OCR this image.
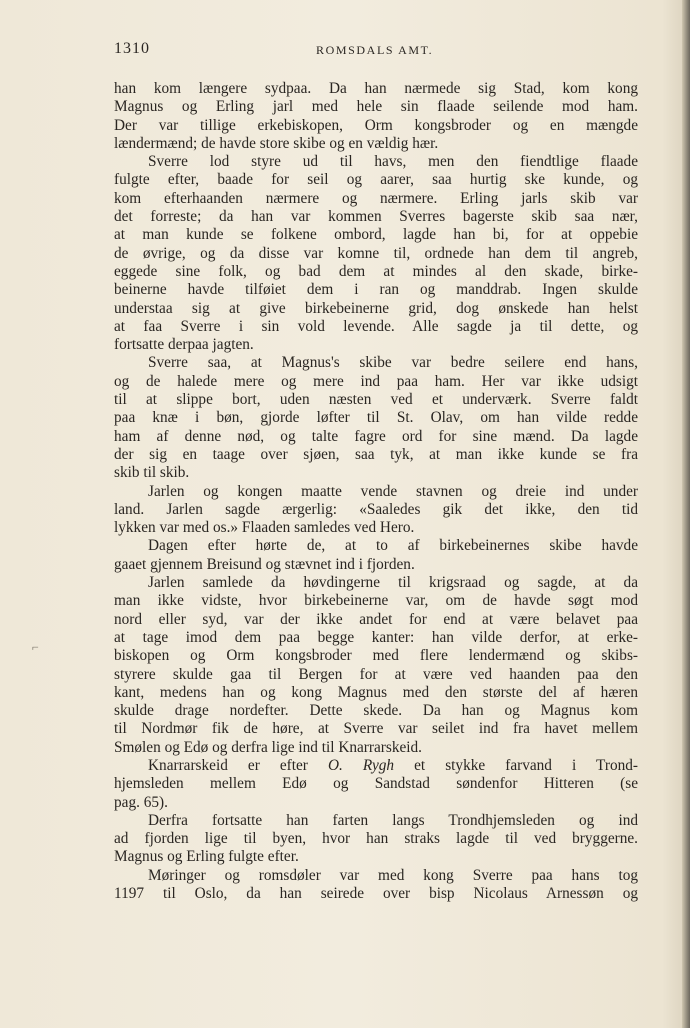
1310	ROMSDALS AMT.
⌐
han kom længere sydpaa. Da han nærmede sig Stad, kom kong
Magnus og Erling jarl med hele sin flaade seilende mod ham.
Der var tillige erkebiskopen, Orm kongsbroder og en mængde
lændermænd; de havde store skibe og en vældig hær.
Sverre lod styre ud til havs, men den fiendtlige flaade
fulgte efter, baade for seil og aarer, saa hurtig ske kunde, og
kom efterhaanden nærmere og nærmere. Erling jarls skib var
det forreste; da han var kommen Sverres bagerste skib saa nær,
at man kunde se folkene ombord, lagde han bi, for at oppebie
de øvrige, og da disse var komne til, ordnede han dem til angreb,
eggede sine folk, og bad dem at mindes al den skade, birke-
beinerne havde tilføiet dem i ran og manddrab. Ingen skulde
understaa sig at give birkebeinerne grid, dog ønskede han helst
at faa Sverre i sin vold levende. Alle sagde ja til dette, og
fortsatte derpaa jagten.
Sverre saa, at Magnus's skibe var bedre seilere end hans,
og de halede mere og mere ind paa ham. Her var ikke udsigt
til at slippe bort, uden næsten ved et underværk. Sverre faldt
paa knæ i bøn, gjorde løfter til St. Olav, om han vilde redde
ham af denne nød, og talte fagre ord for sine mænd. Da lagde
der sig en taage over sjøen, saa tyk, at man ikke kunde se fra
skib til skib.
Jarlen og kongen maatte vende stavnen og dreie ind under
land. Jarlen sagde ærgerlig: «Saaledes gik det ikke, den tid
lykken var med os.» Flaaden samledes ved Hero.
Dagen efter hørte de, at to af birkebeinernes skibe havde
gaaet gjennem Breisund og stævnet ind i fjorden.
Jarlen samlede da høvdingerne til krigsraad og sagde, at da
man ikke vidste, hvor birkebeinerne var, om de havde søgt mod
nord eller syd, var der ikke andet for end at være belavet paa
at tage imod dem paa begge kanter: han vilde derfor, at erke-
biskopen og Orm kongsbroder med flere lendermænd og skibs-
styrere skulde gaa til Bergen for at være ved haanden paa den
kant, medens han og kong Magnus med den største del af hæren
skulde drage nordefter. Dette skede. Da han og Magnus kom
til Nordmør fik de høre, at Sverre var seilet ind fra havet mellem
Smølen og Edø og derfra lige ind til Knarrarskeid.
Knarrarskeid er efter O. Rygh et stykke farvand i Trond-
hjemsleden mellem Edø og Sandstad søndenfor Hitteren (se
pag. 65).
Derfra fortsatte han farten langs Trondhjemsleden og ind
ad fjorden lige til byen, hvor han straks lagde til ved bryggerne.
Magnus og Erling fulgte efter.
Møringer og romsdøler var med kong Sverre paa hans tog
1197 til Oslo, da han seirede over bisp Nicolaus Arnessøn og
